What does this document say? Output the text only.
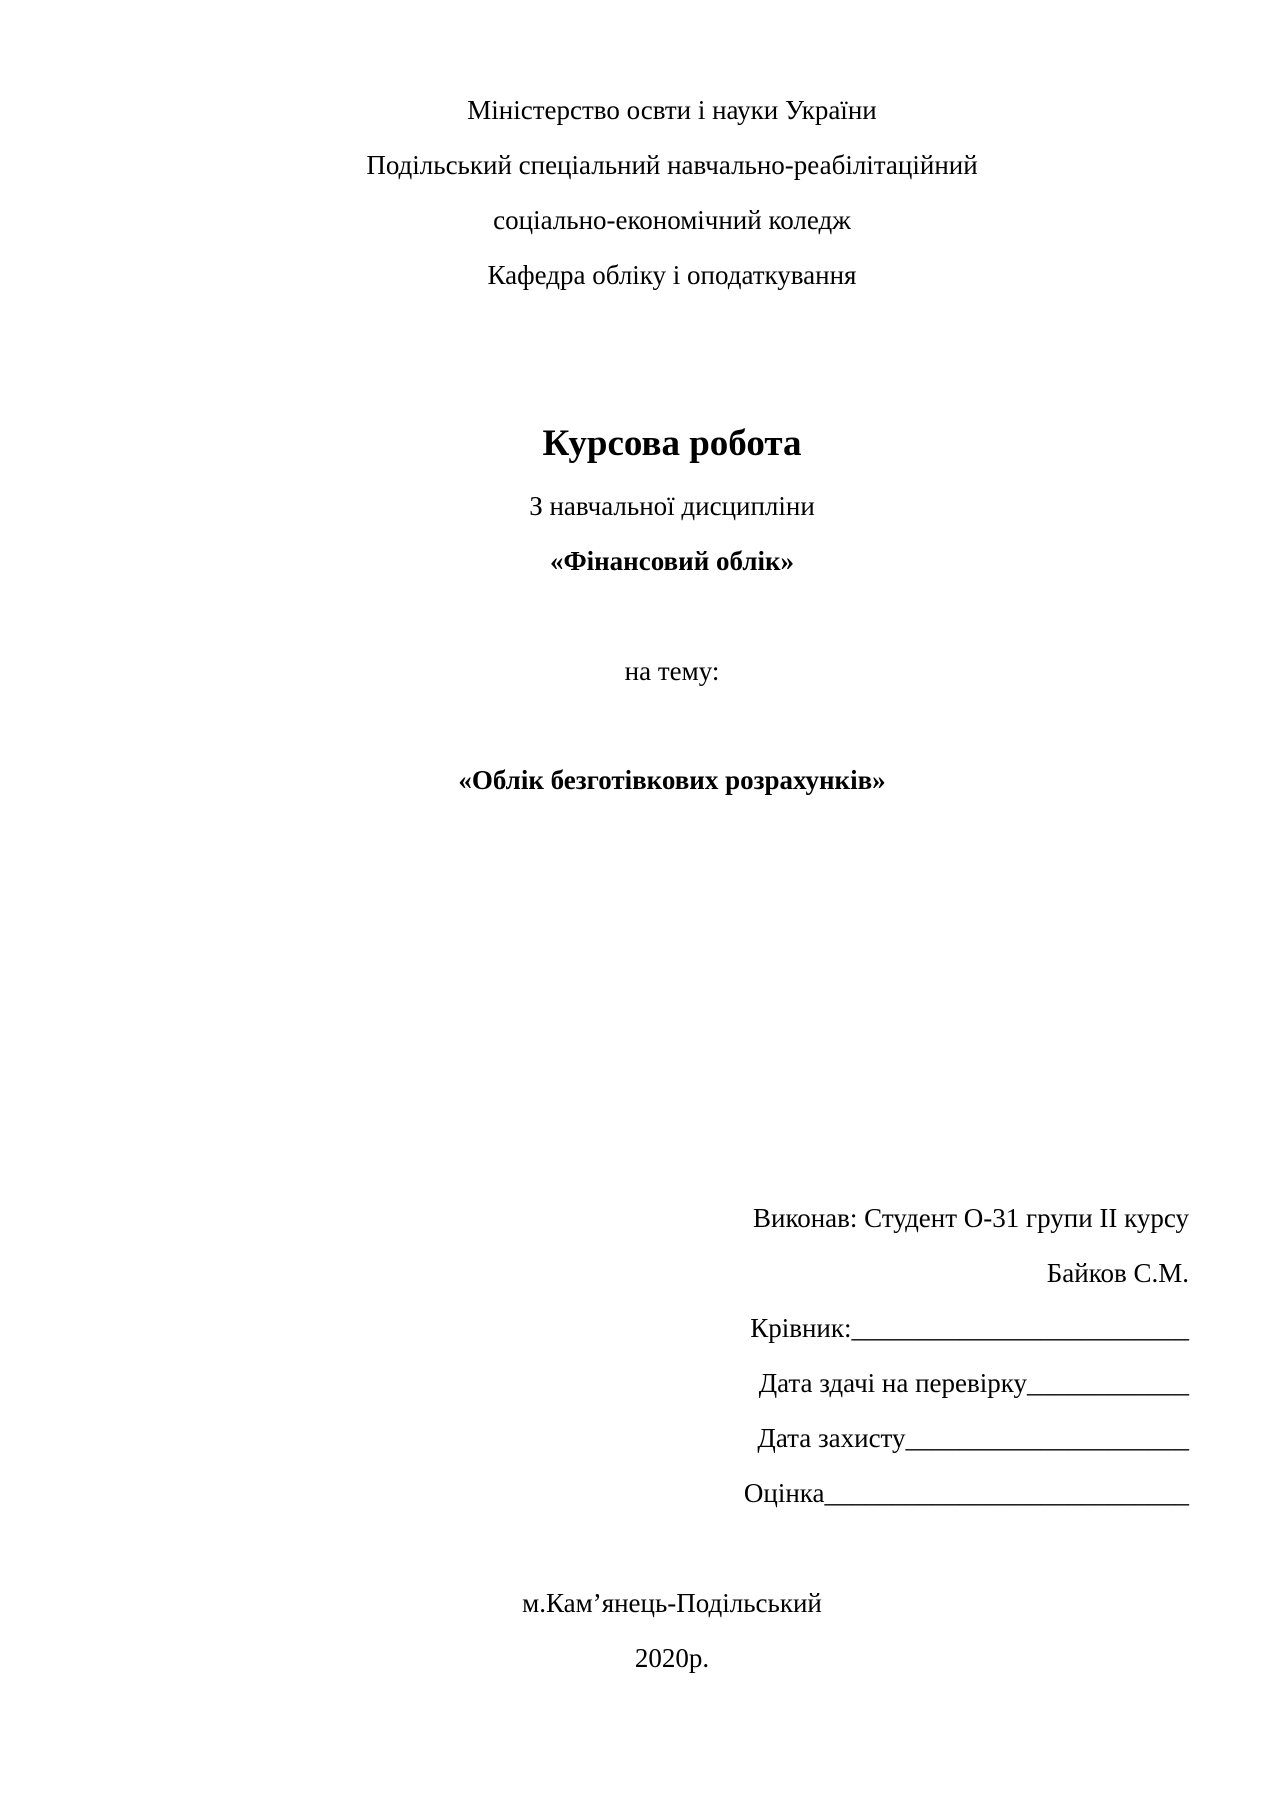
Міністерство освти і науки України
Подільський спеціальний навчально-реабілітаційний
соціально-економічний коледж
Кафедра обліку і оподаткування
Курсова робота
З навчальної дисципліни
«Фінансовий облік»
на тему:
«Облік безготівкових розрахунків»
Виконав: Студент О-31 групи ІІ курсу
Байков С.М.
Крівник:_________________________
Дата здачі на перевірку____________
Дата захисту_____________________
Оцінка___________________________
м.Кам’янець-Подільський
2020р.
